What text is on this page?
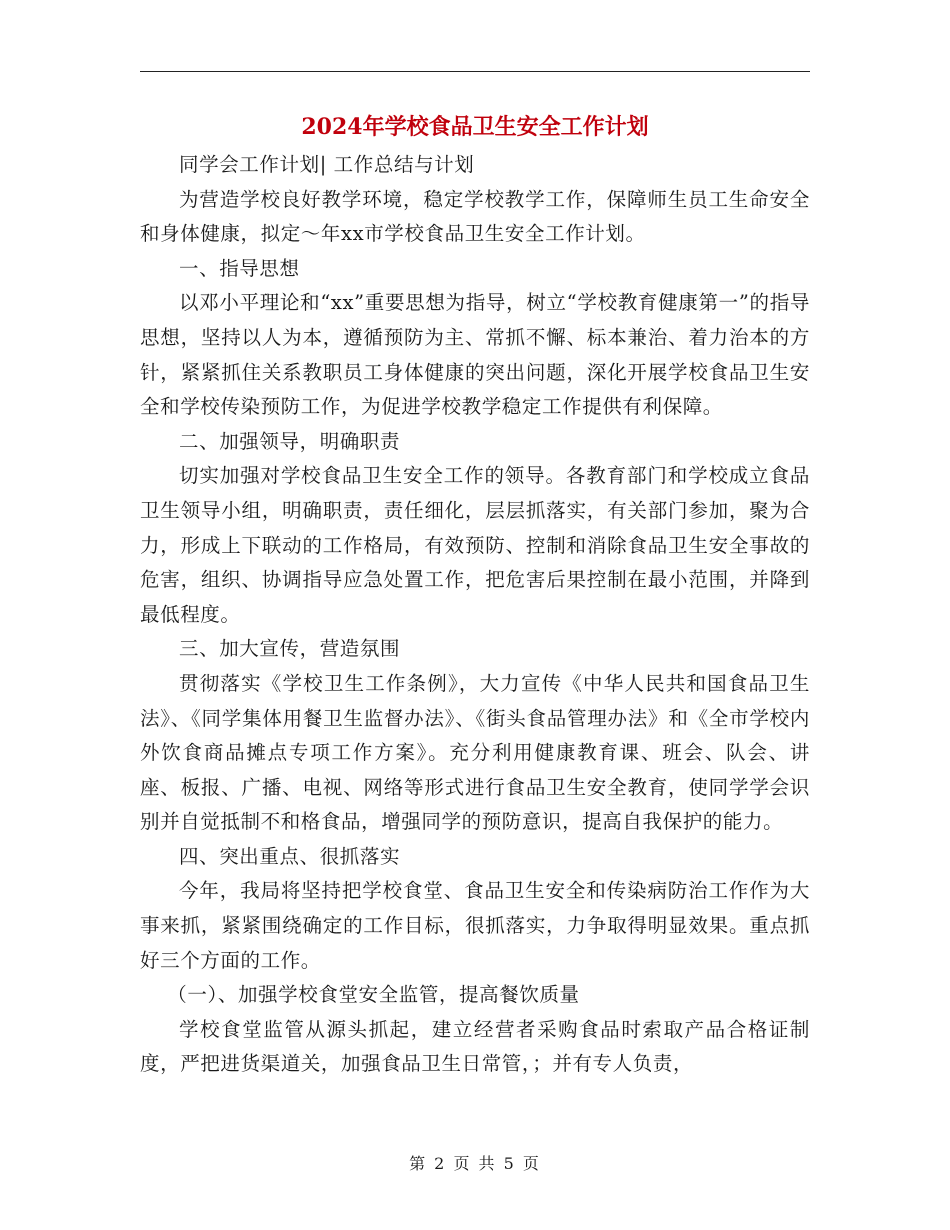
2024年学校食品卫生安全工作计划

同学会工作计划| 工作总结与计划

为营造学校良好教学环境，稳定学校教学工作，保障师生员工生命安全和身体健康，拟定～年xx市学校食品卫生安全工作计划。

一、指导思想

以邓小平理论和“xx”重要思想为指导，树立“学校教育健康第一”的指导思想，坚持以人为本，遵循预防为主、常抓不懈、标本兼治、着力治本的方针，紧紧抓住关系教职员工身体健康的突出问题，深化开展学校食品卫生安全和学校传染预防工作，为促进学校教学稳定工作提供有利保障。

二、加强领导，明确职责

切实加强对学校食品卫生安全工作的领导。各教育部门和学校成立食品卫生领导小组，明确职责，责任细化，层层抓落实，有关部门参加，聚为合力，形成上下联动的工作格局，有效预防、控制和消除食品卫生安全事故的危害，组织、协调指导应急处置工作，把危害后果控制在最小范围，并降到最低程度。

三、加大宣传，营造氛围

贯彻落实《学校卫生工作条例》，大力宣传《中华人民共和国食品卫生法》、《同学集体用餐卫生监督办法》、《街头食品管理办法》和《全市学校内外饮食商品摊点专项工作方案》。充分利用健康教育课、班会、队会、讲座、板报、广播、电视、网络等形式进行食品卫生安全教育，使同学学会识别并自觉抵制不和格食品，增强同学的预防意识，提高自我保护的能力。

四、突出重点、很抓落实

今年，我局将坚持把学校食堂、食品卫生安全和传染病防治工作作为大事来抓，紧紧围绕确定的工作目标，很抓落实，力争取得明显效果。重点抓好三个方面的工作。

（一）、加强学校食堂安全监管，提高餐饮质量

学校食堂监管从源头抓起，建立经营者采购食品时索取产品合格证制度，严把进货渠道关，加强食品卫生日常管，；并有专人负责，

第 2 页 共 5 页
